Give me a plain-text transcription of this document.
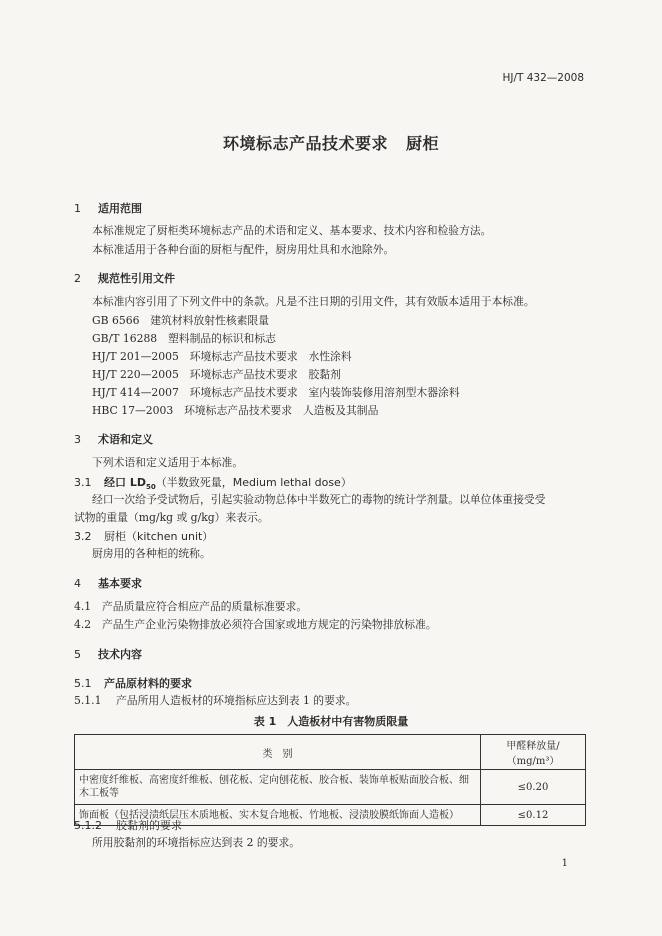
HJ/T 432—2008
环境标志产品技术要求 厨柜
1 适用范围
本标准规定了厨柜类环境标志产品的术语和定义、基本要求、技术内容和检验方法。
本标准适用于各种台面的厨柜与配件，厨房用灶具和水池除外。
2 规范性引用文件
本标准内容引用了下列文件中的条款。凡是不注日期的引用文件，其有效版本适用于本标准。
GB 6566　 建筑材料放射性核素限量
GB/T 16288　 塑料制品的标识和标志
HJ/T 201—2005　 环境标志产品技术要求　水性涂料
HJ/T 220—2005　 环境标志产品技术要求　胶黏剂
HJ/T 414—2007　 环境标志产品技术要求　室内装饰装修用溶剂型木器涂料
HBC 17—2003　 环境标志产品技术要求　人造板及其制品
3 术语和定义
下列术语和定义适用于本标准。
3.1 经口 $LD_{50}$（半数致死量，Medium lethal dose）
经口一次给予受试物后，引起实验动物总体中半数死亡的毒物的统计学剂量。以单位体重接受受
试物的重量（mg/kg 或 g/kg）来表示。
3.2 厨柜（kitchen unit）
厨房用的各种柜的统称。
4 基本要求
4.1 产品质量应符合相应产品的质量标准要求。
4.2 产品生产企业污染物排放必须符合国家或地方规定的污染物排放标准。
5 技术内容
5.1 产品原材料的要求
5.1.1 产品所用人造板材的环境指标应达到表 1 的要求。
表 1　人造板材中有害物质限量
类　别	甲醛释放量/（mg/m³）
中密度纤维板、高密度纤维板、刨花板、定向刨花板、胶合板、装饰单板贴面胶合板、细木工板等	≤0.20
饰面板（包括浸渍纸层压木质地板、实木复合地板、竹地板、浸渍胶膜纸饰面人造板）	≤0.12
5.1.2 胶黏剂的要求
所用胶黏剂的环境指标应达到表 2 的要求。
1
